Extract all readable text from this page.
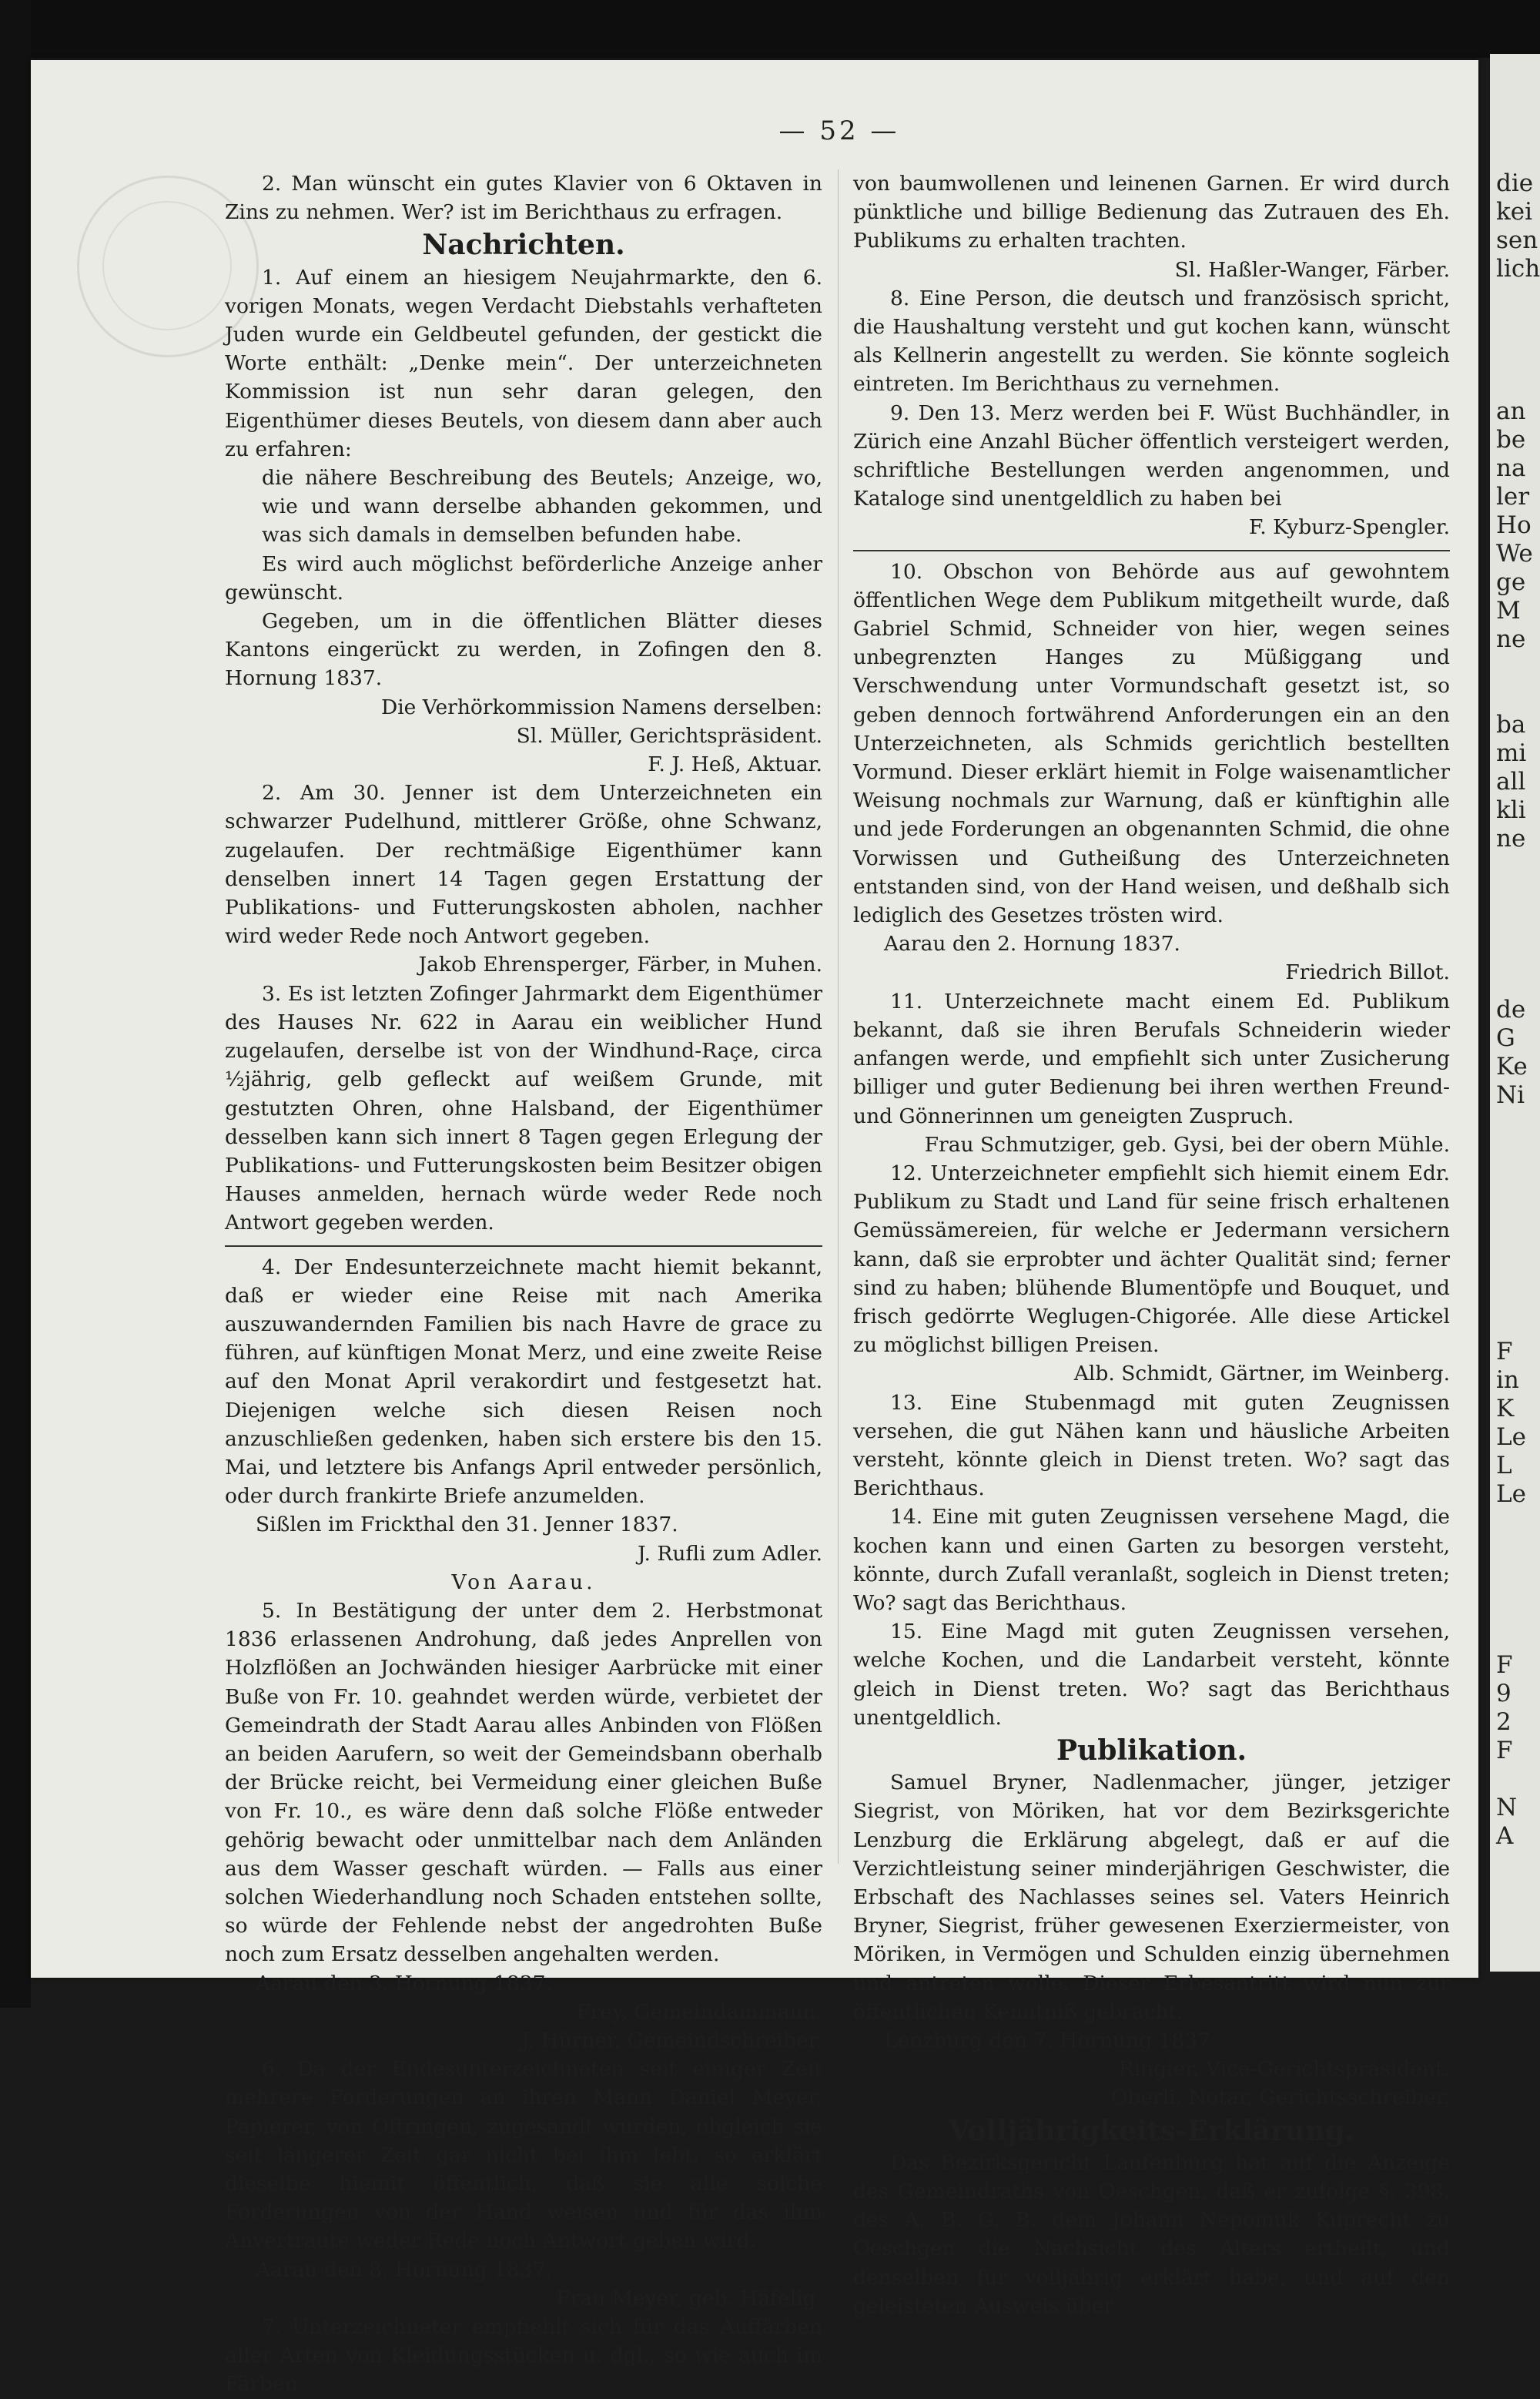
die
kei
sen
lich

an
be
na
ler
Ho
We
ge
M
ne

ba
mi
all
kli
ne

de
G
Ke
Ni

F
in
K
Le
L
Le

F
9
2
F

N
A
— 52 —

2. Man wünscht ein gutes Klavier von 6 Oktaven in Zins zu nehmen. Wer? ist im Berichthaus zu erfragen.

Nachrichten.

1. Auf einem an hiesigem Neujahrmarkte, den 6. vorigen Monats, wegen Verdacht Diebstahls verhafteten Juden wurde ein Geldbeutel gefunden, der gestickt die Worte enthält: „Denke mein“. Der unterzeichneten Kommission ist nun sehr daran gelegen, den Eigenthümer dieses Beutels, von diesem dann aber auch zu erfahren:

die nähere Beschreibung des Beutels; Anzeige, wo, wie und wann derselbe abhanden gekommen, und was sich damals in demselben befunden habe.

Es wird auch möglichst beförderliche Anzeige anher gewünscht.

Gegeben, um in die öffentlichen Blätter dieses Kantons eingerückt zu werden, in Zofingen den 8. Hornung 1837.

Die Verhörkommission Namens derselben:

Sl. Müller, Gerichtspräsident.

F. J. Heß, Aktuar.

2. Am 30. Jenner ist dem Unterzeichneten ein schwarzer Pudelhund, mittlerer Größe, ohne Schwanz, zugelaufen. Der rechtmäßige Eigenthümer kann denselben innert 14 Tagen gegen Erstattung der Publikations- und Futterungskosten abholen, nachher wird weder Rede noch Antwort gegeben.

Jakob Ehrensperger, Färber, in Muhen.

3. Es ist letzten Zofinger Jahrmarkt dem Eigenthümer des Hauses Nr. 622 in Aarau ein weiblicher Hund zugelaufen, derselbe ist von der Windhund-Raçe, circa ½jährig, gelb gefleckt auf weißem Grunde, mit gestutzten Ohren, ohne Halsband, der Eigenthümer desselben kann sich innert 8 Tagen gegen Erlegung der Publikations- und Futterungskosten beim Besitzer obigen Hauses anmelden, hernach würde weder Rede noch Antwort gegeben werden.

4. Der Endesunterzeichnete macht hiemit bekannt, daß er wieder eine Reise mit nach Amerika auszuwandernden Familien bis nach Havre de grace zu führen, auf künftigen Monat Merz, und eine zweite Reise auf den Monat April verakordirt und festgesetzt hat. Diejenigen welche sich diesen Reisen noch anzuschließen gedenken, haben sich erstere bis den 15. Mai, und letztere bis Anfangs April entweder persönlich, oder durch frankirte Briefe anzumelden.

Sißlen im Frickthal den 31. Jenner 1837.

J. Rufli zum Adler.

Von Aarau.

5. In Bestätigung der unter dem 2. Herbstmonat 1836 erlassenen Androhung, daß jedes Anprellen von Holzflößen an Jochwänden hiesiger Aarbrücke mit einer Buße von Fr. 10. geahndet werden würde, verbietet der Gemeindrath der Stadt Aarau alles Anbinden von Flößen an beiden Aarufern, so weit der Gemeindsbann oberhalb der Brücke reicht, bei Vermeidung einer gleichen Buße von Fr. 10., es wäre denn daß solche Flöße entweder gehörig bewacht oder unmittelbar nach dem Anländen aus dem Wasser geschaft würden. — Falls aus einer solchen Wiederhandlung noch Schaden entstehen sollte, so würde der Fehlende nebst der angedrohten Buße noch zum Ersatz desselben angehalten werden.

Aarau den 3. Hornung 1837.

Frey, Gemeindammann.

J. Hürner, Gemeindschreiber.

6. Da der Endesunterzeichneten seit einiger Zeit mehrere Forderungen an ihren Mann Daniel Meyer, Papierer, von Oftringen, zugesandt wurden, obgleich sie seit längerer Zeit gar nicht bei ihm lebt, so erklärt dieselbe hiemit öffentlich, daß sie alle solche Forderungen von der Hand weisen und für das ihm Anvertraute weder Rede noch Antwort geben wird.

Aarau den 8. Hornung 1837.

Frau Meyer, geb. Häfelig.

7. Unterzeichneter empfiehlt sich für das Auffärben aller Arten von Kleidungsstücken u. dgl., so wie auch im Färben

von baumwollenen und leinenen Garnen. Er wird durch pünktliche und billige Bedienung das Zutrauen des Eh. Publikums zu erhalten trachten.

Sl. Haßler-Wanger, Färber.

8. Eine Person, die deutsch und französisch spricht, die Haushaltung versteht und gut kochen kann, wünscht als Kellnerin angestellt zu werden. Sie könnte sogleich eintreten. Im Berichthaus zu vernehmen.

9. Den 13. Merz werden bei F. Wüst Buchhändler, in Zürich eine Anzahl Bücher öffentlich versteigert werden, schriftliche Bestellungen werden angenommen, und Kataloge sind unentgeldlich zu haben bei

F. Kyburz-Spengler.

10. Obschon von Behörde aus auf gewohntem öffentlichen Wege dem Publikum mitgetheilt wurde, daß Gabriel Schmid, Schneider von hier, wegen seines unbegrenzten Hanges zu Müßiggang und Verschwendung unter Vormundschaft gesetzt ist, so geben dennoch fortwährend Anforderungen ein an den Unterzeichneten, als Schmids gerichtlich bestellten Vormund. Dieser erklärt hiemit in Folge waisenamtlicher Weisung nochmals zur Warnung, daß er künftighin alle und jede Forderungen an obgenannten Schmid, die ohne Vorwissen und Gutheißung des Unterzeichneten entstanden sind, von der Hand weisen, und deßhalb sich lediglich des Gesetzes trösten wird.

Aarau den 2. Hornung 1837.

Friedrich Billot.

11. Unterzeichnete macht einem Ed. Publikum bekannt, daß sie ihren Berufals Schneiderin wieder anfangen werde, und empfiehlt sich unter Zusicherung billiger und guter Bedienung bei ihren werthen Freund- und Gönnerinnen um geneigten Zuspruch.

Frau Schmutziger, geb. Gysi, bei der obern Mühle.

12. Unterzeichneter empfiehlt sich hiemit einem Edr. Publikum zu Stadt und Land für seine frisch erhaltenen Gemüssämereien, für welche er Jedermann versichern kann, daß sie erprobter und ächter Qualität sind; ferner sind zu haben; blühende Blumentöpfe und Bouquet, und frisch gedörrte Weglugen-Chigorée. Alle diese Artickel zu möglichst billigen Preisen.

Alb. Schmidt, Gärtner, im Weinberg.

13. Eine Stubenmagd mit guten Zeugnissen versehen, die gut Nähen kann und häusliche Arbeiten versteht, könnte gleich in Dienst treten. Wo? sagt das Berichthaus.

14. Eine mit guten Zeugnissen versehene Magd, die kochen kann und einen Garten zu besorgen versteht, könnte, durch Zufall veranlaßt, sogleich in Dienst treten; Wo? sagt das Berichthaus.

15. Eine Magd mit guten Zeugnissen versehen, welche Kochen, und die Landarbeit versteht, könnte gleich in Dienst treten. Wo? sagt das Berichthaus unentgeldlich.

Publikation.

Samuel Bryner, Nadlenmacher, jünger, jetziger Siegrist, von Möriken, hat vor dem Bezirksgerichte Lenzburg die Erklärung abgelegt, daß er auf die Verzichtleistung seiner minderjährigen Geschwister, die Erbschaft des Nachlasses seines sel. Vaters Heinrich Bryner, Siegrist, früher gewesenen Exerziermeister, von Möriken, in Vermögen und Schulden einzig übernehmen und antreten wolle. Dieser Erbesantritt wird nun zur öffentlichen Kenntniß gebracht.

Lenzburg den 7. Hornung 1837.

Ringier, Vice-Gerichtspräsident.

Oberli, Notar, Gerichtsschreiber.

Volljährigkeits-Erklärung.

Das Bezirksgericht Laufenburg hat auf die Anzeige des Gemeindraths von Oeschgen, daß er zufolge §. 398. des A. B. G. B. dem Johann Nepomuk Kuprecht zu Oeschgen die Nachsicht des Alters ertheilt, und denselben für volljährig erklärt habe, und auf den geleisteten Ausweis über
